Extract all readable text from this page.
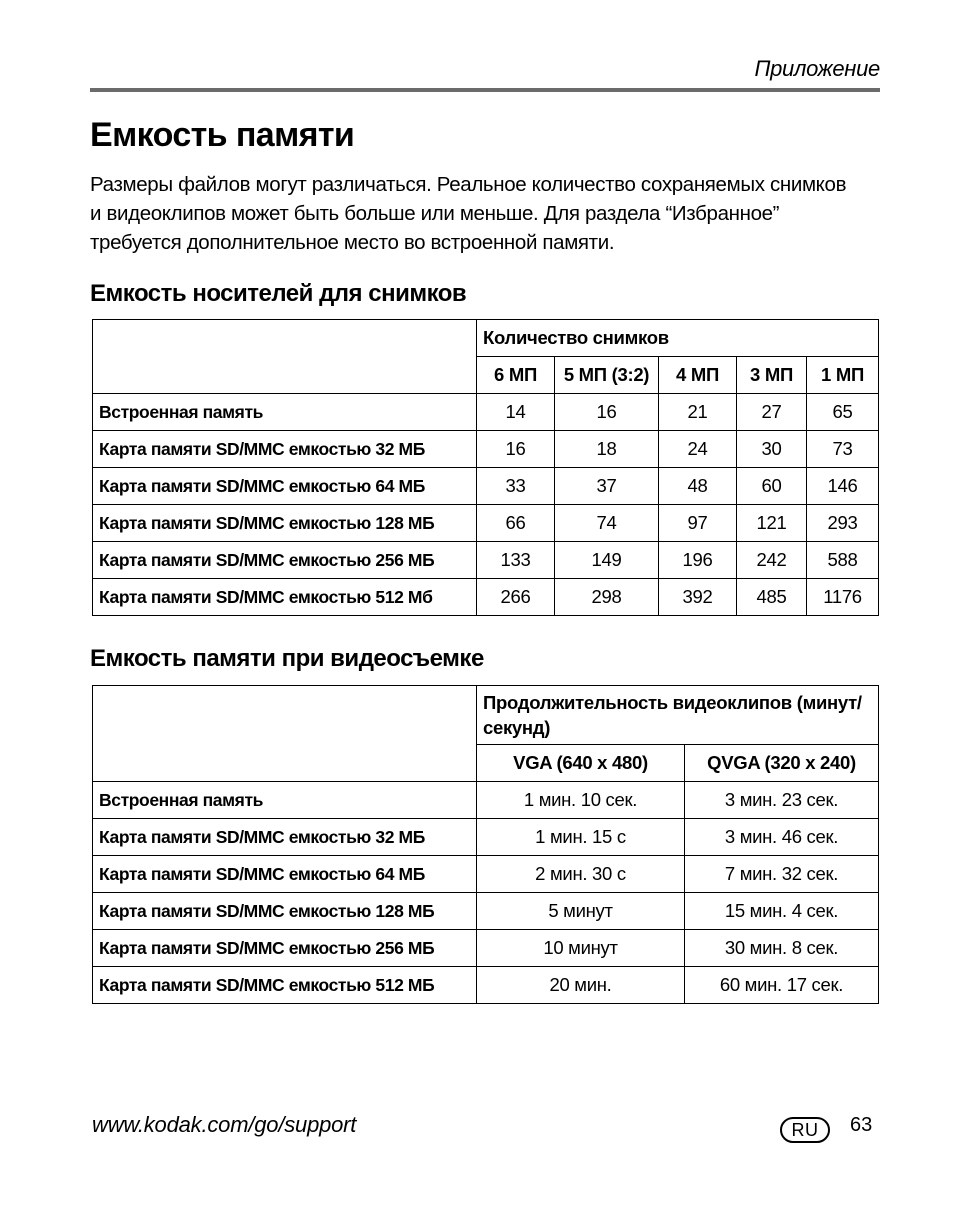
Приложение
Емкость памяти
Размеры файлов могут различаться. Реальное количество сохраняемых снимков
и видеоклипов может быть больше или меньше. Для раздела “Избранное”
требуется дополнительное место во встроенной памяти.
Емкость носителей для снимков
	Количество снимков				
	6 МП	5 МП (3:2)	4 МП	3 МП	1 МП
Встроенная память	14	16	21	27	65
Карта памяти SD/MMC емкостью 32 МБ	16	18	24	30	73
Карта памяти SD/MMC емкостью 64 МБ	33	37	48	60	146
Карта памяти SD/MMC емкостью 128 МБ	66	74	97	121	293
Карта памяти SD/MMC емкостью 256 МБ	133	149	196	242	588
Карта памяти SD/MMC емкостью 512 Мб	266	298	392	485	1176
Емкость памяти при видеосъемке
	Продолжительность видеоклипов (минут/секунд)	
	VGA (640 x 480)	QVGA (320 x 240)
Встроенная память	1 мин. 10 сек.	3 мин. 23 сек.
Карта памяти SD/MMC емкостью 32 МБ	1 мин. 15 с	3 мин. 46 сек.
Карта памяти SD/MMC емкостью 64 МБ	2 мин. 30 с	7 мин. 32 сек.
Карта памяти SD/MMC емкостью 128 МБ	5 минут	15 мин. 4 сек.
Карта памяти SD/MMC емкостью 256 МБ	10 минут	30 мин. 8 сек.
Карта памяти SD/MMC емкостью 512 МБ	20 мин.	60 мин. 17 сек.
www.kodak.com/go/support	RU	63
